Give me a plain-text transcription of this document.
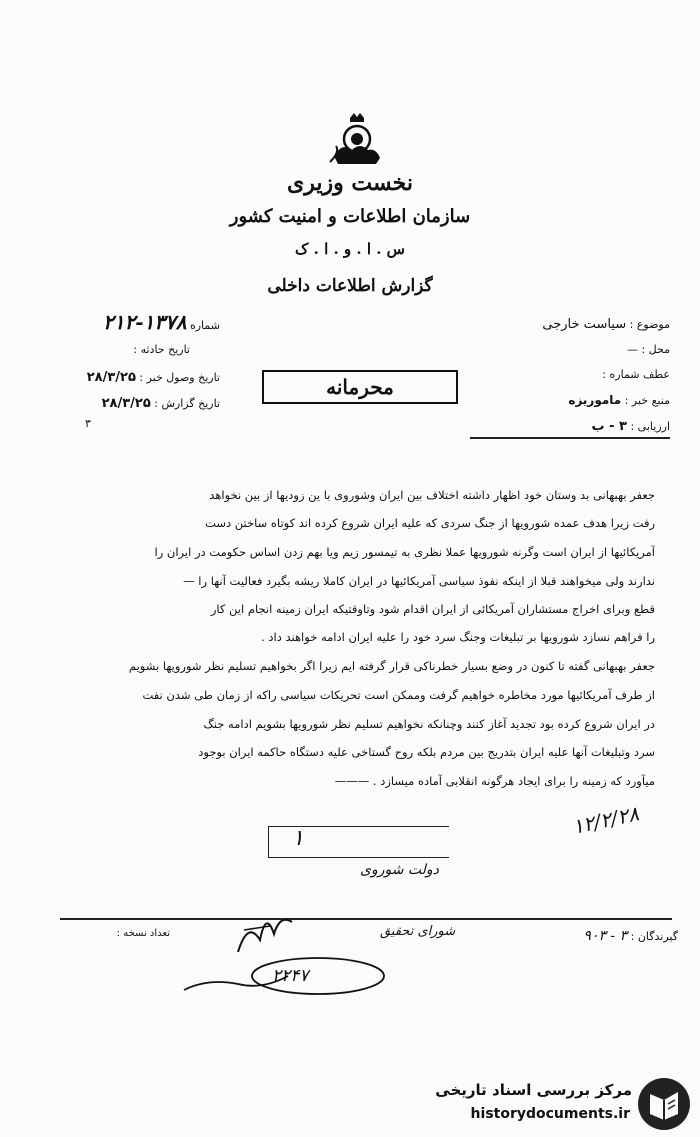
نخست وزیری
سازمان اطلاعات و امنیت کشور
س . ا . و . ا . ک
گزارش اطلاعات داخلی
شماره ۱۳۷۸-۲۱۲
تاریخ حادثه :
تاریخ وصول خبر : ۲۸/۳/۲۵
تاریخ گزارش : ۲۸/۳/۲۵
۳
محرمانه
موضوع : سیاست خارجی
محل : —
عطف شماره :
منبع خبر : ماموریزه
ارزیابی : ۳ - ب
جعفر بهبهانی بد وستان خود اظهار داشته اختلاف بین ایران وشوروی با ین زودیها از بین نخواهد
رفت زیرا هدف عمده شورویها از جنگ سردی که علیه ایران شروع کرده اند کوتاه ساختن دست
آمریکائیها از ایران است وگرنه شورویها عملا نظری به تیمسور زیم ویا بهم زدن اساس حکومت در ایران را
ندارند ولی میخواهند قبلا از اینکه نفوذ سیاسی آمریکائیها در ایران کاملا ریشه بگیرد فعالیت آنها را —
قطع وبرای اخراج مستشاران آمریکائی از ایران اقدام شود وتاوقتیکه ایران زمینه انجام این کار
را فراهم نسازد شورویها بر تبلیغات وجنگ سرد خود را علیه ایران ادامه خواهند داد .
جعفر بهبهانی گفته تا کنون در وضع بسیار خطرناکی قرار گرفته ایم زیرا اگر بخواهیم تسلیم نظر شورویها بشویم
از طرف آمریکائیها مورد مخاطره خواهیم گرفت وممکن است تحریکات سیاسی راکه از زمان طی شدن نفت
در ایران شروع کرده بود تجدید آغاز کنند وچنانکه نخواهیم تسلیم نظر شورویها بشویم ادامه جنگ
سرد وتبلیغات آنها علیه ایران بتدریج بین مردم بلکه روح گستاخی علیه دستگاه حاکمه ایران بوجود
میآورد که زمینه را برای ایجاد هرگونه انقلابی آماده میسازد . ———
۱۲/۲/۲۸
۱
دولت شوروی
تعداد نسخه :	شورای تحقیق	گیرندگان : ۳ - ۹۰۳
۲۲۴۷
مرکز بررسی اسناد تاریخی
historydocuments.ir
